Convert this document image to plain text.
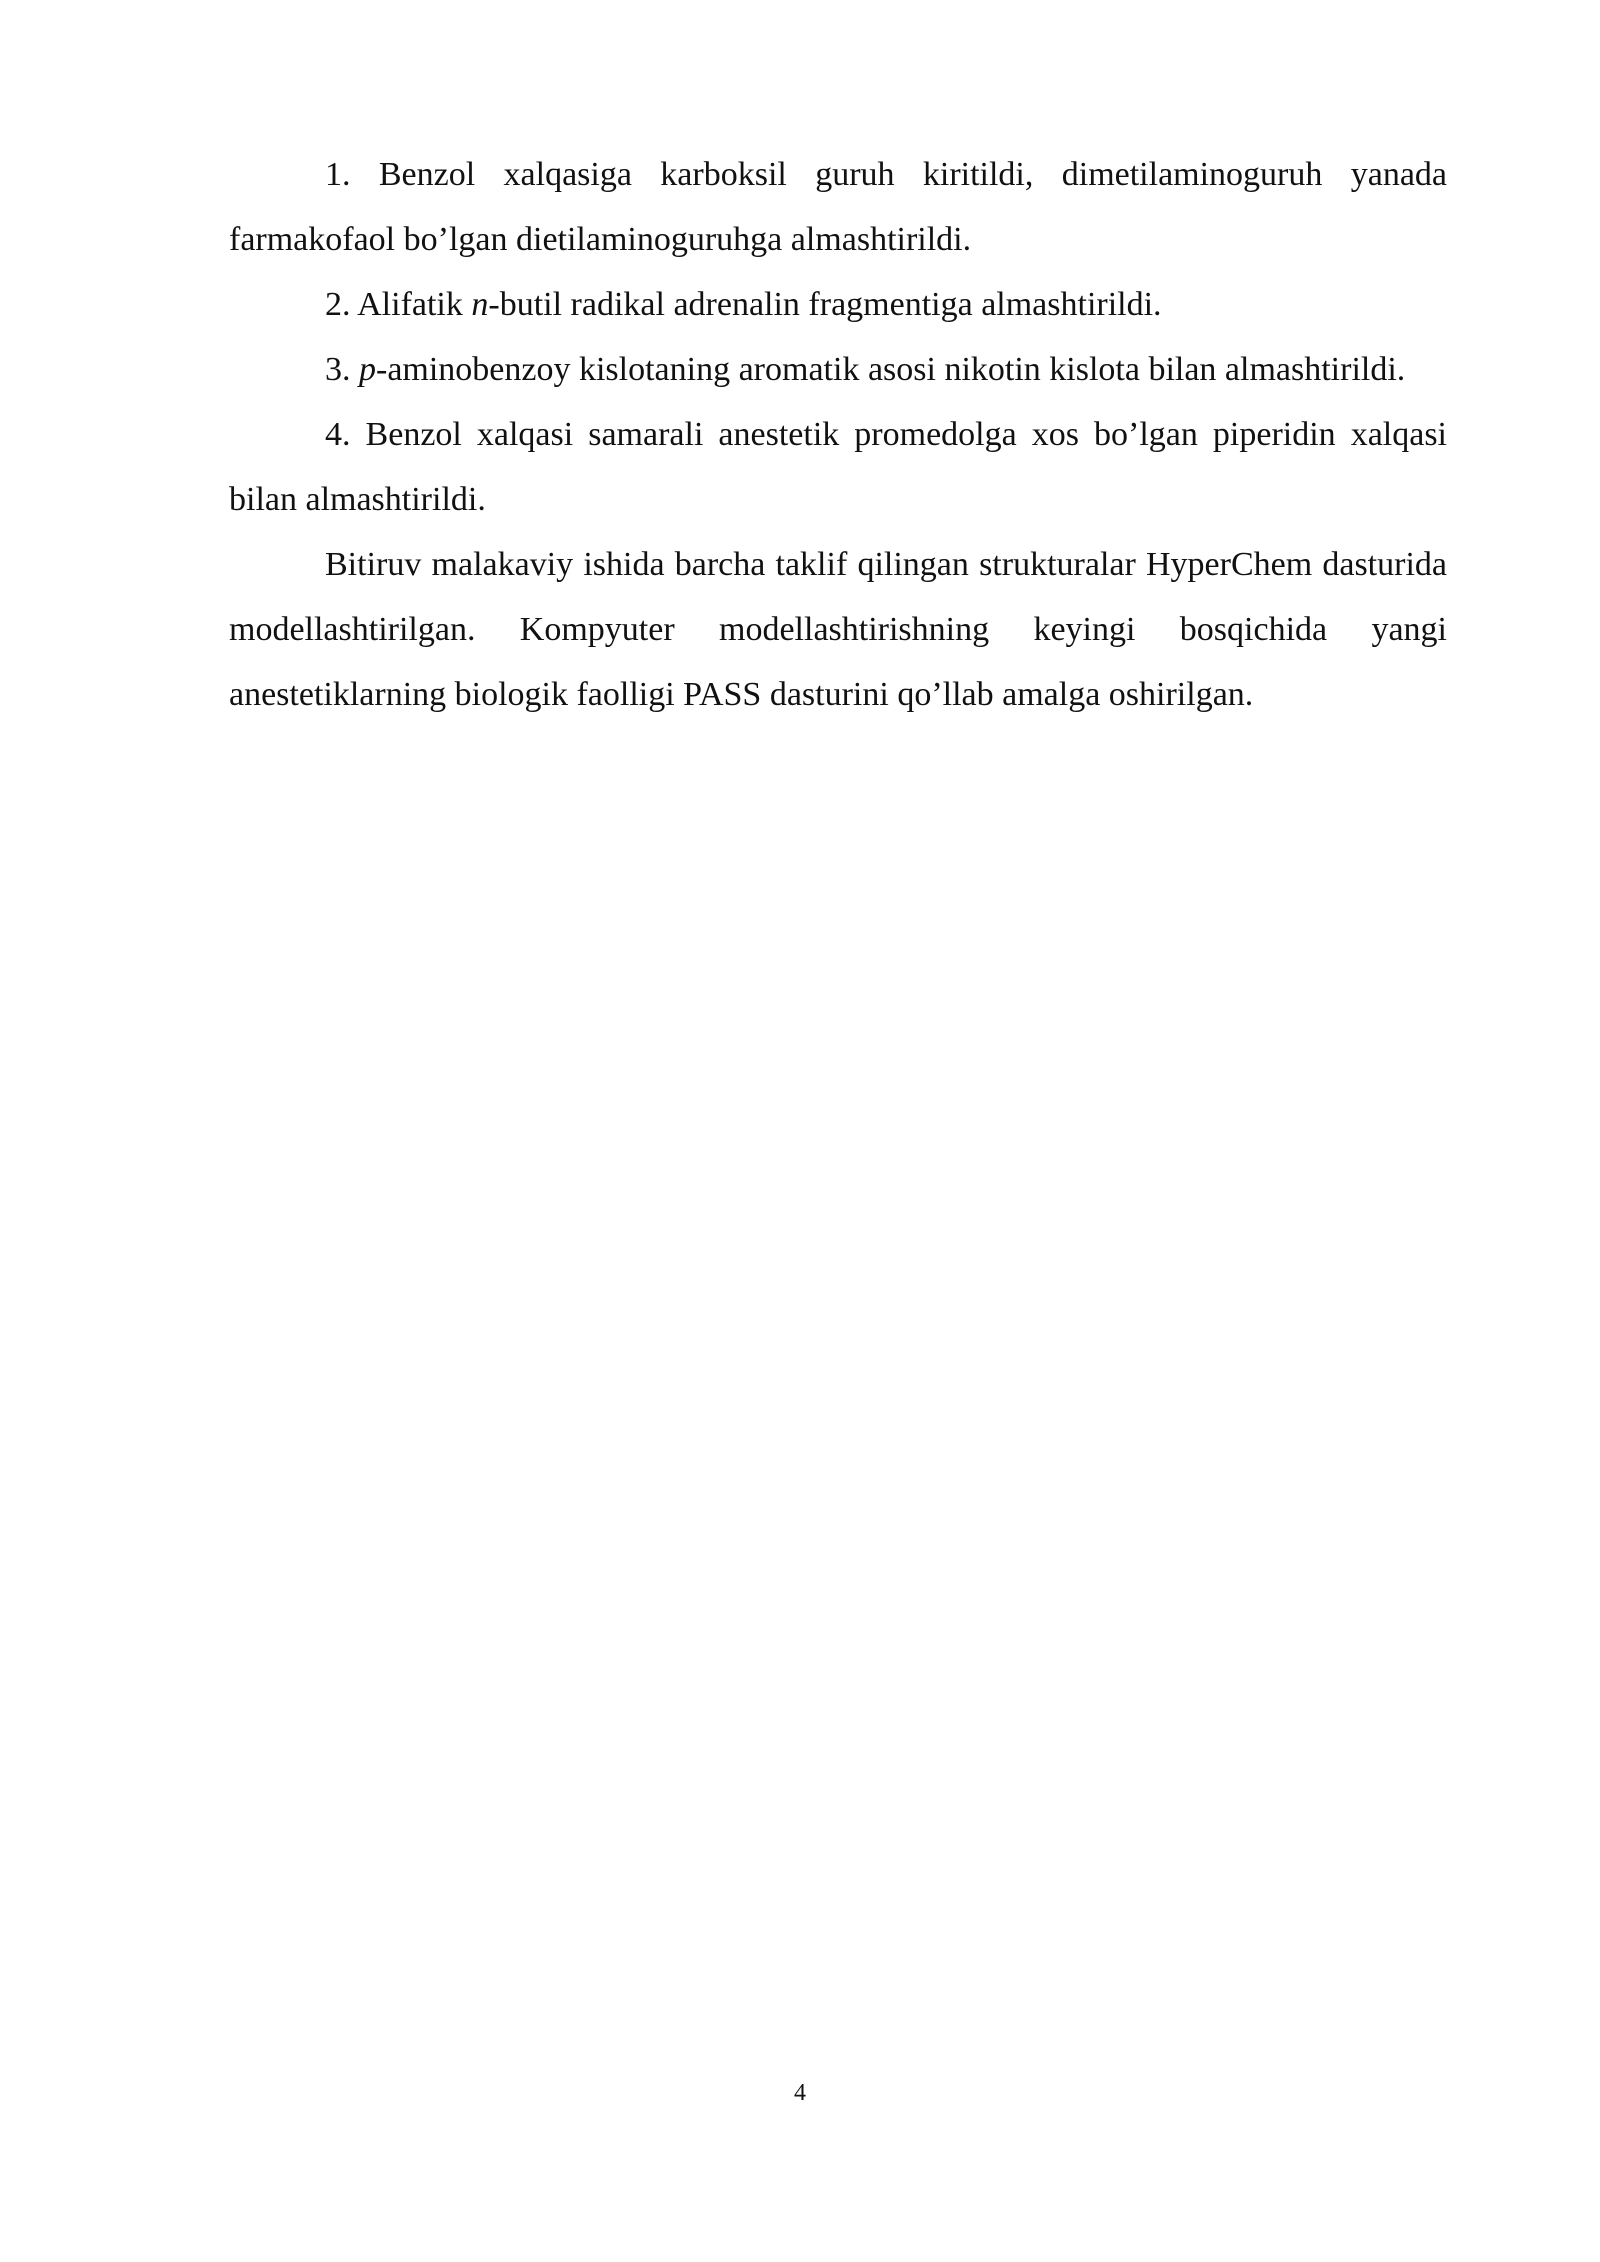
1. Benzol xalqasiga karboksil guruh kiritildi, dimetilaminoguruh yanada farmakofaol bo’lgan dietilaminoguruhga almashtirildi.

2. Alifatik n-butil radikal adrenalin fragmentiga almashtirildi.

3. p-aminobenzoy kislotaning aromatik asosi nikotin kislota bilan almashtirildi.

4. Benzol xalqasi samarali anestetik promedolga xos bo’lgan piperidin xalqasi bilan almashtirildi.

Bitiruv malakaviy ishida barcha taklif qilingan strukturalar HyperChem dasturida modellashtirilgan. Kompyuter modellashtirishning keyingi bosqichida yangi anestetiklarning biologik faolligi PASS dasturini qo’llab amalga oshirilgan.

4
